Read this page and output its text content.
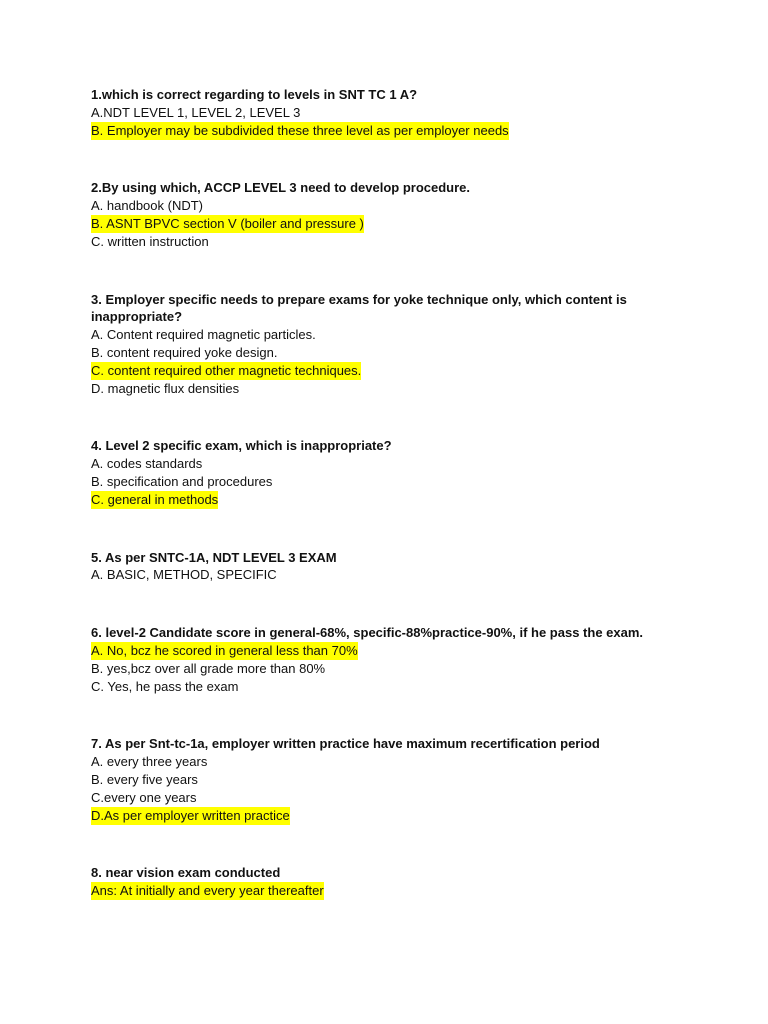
1.which is correct regarding to levels in SNT TC 1 A?

A.NDT LEVEL 1, LEVEL 2, LEVEL 3

B. Employer may be subdivided these three level as per employer needs

2.By using which, ACCP LEVEL 3 need to develop procedure.

A. handbook (NDT)

B. ASNT BPVC section V (boiler and pressure )

C. written instruction

3. Employer specific needs to prepare exams for yoke technique only, which content is inappropriate?

A. Content required magnetic particles.

B. content required yoke design.

C. content required other magnetic techniques.

D. magnetic flux densities

4. Level 2 specific exam, which is inappropriate?

A. codes standards

B. specification and procedures

C. general in methods

5. As per SNTC-1A, NDT LEVEL 3 EXAM

A. BASIC, METHOD, SPECIFIC

6. level-2 Candidate score in general-68%, specific-88%practice-90%, if he pass the exam.

A. No, bcz he scored in general less than 70%

B. yes,bcz over all grade more than 80%

C. Yes, he pass the exam

7. As per Snt-tc-1a, employer written practice have maximum recertification period

A. every three years

B. every five years

C.every one years

D.As per employer written practice

8. near vision exam conducted

Ans: At initially and every year thereafter
